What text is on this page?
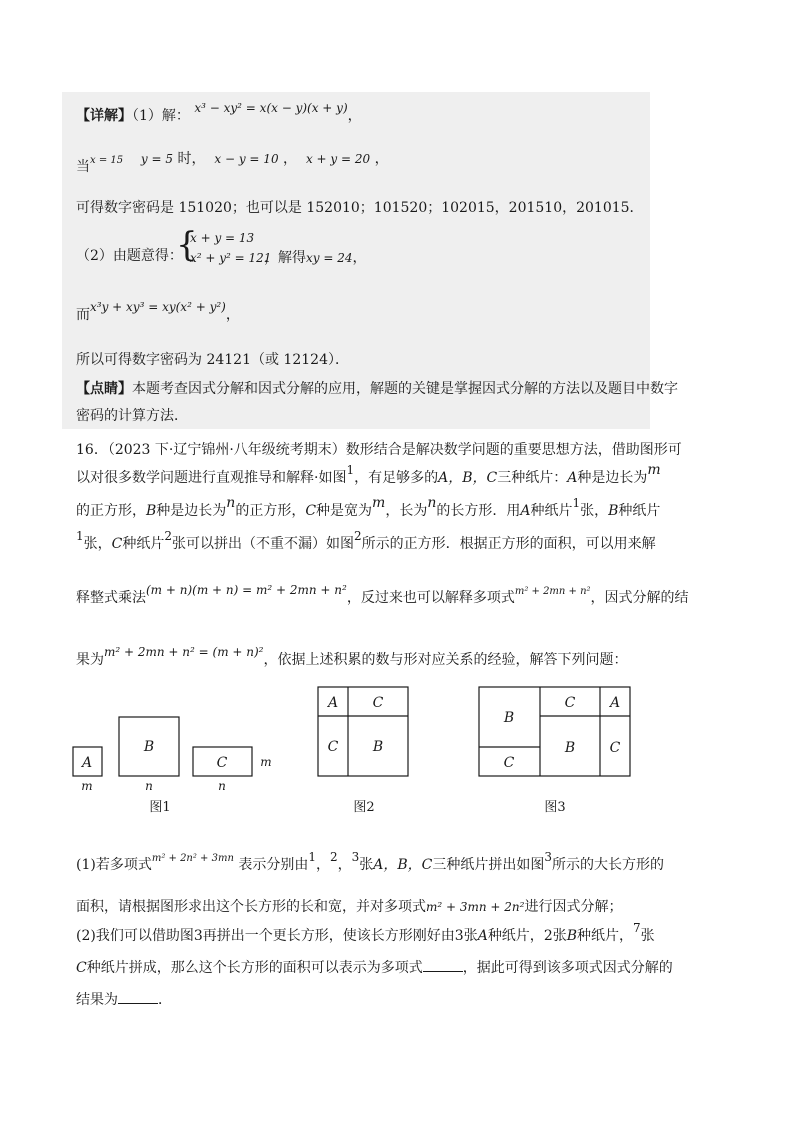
【详解】（1）解： x³ − xy² = x(x − y)(x + y)，
当$^{x = 15}$ y = 5 时， x − y = 10 ， x + y = 20 ，
可得数字密码是 151020；也可以是 152010；101520；102015，201510，201015．
（2）由题意得：
{
x + y = 13
x² + y² = 121
，解得xy = 24，
而x³y + xy³ = xy(x² + y²)，
所以可得数字密码为 24121（或 12124）．
【点睛】本题考查因式分解和因式分解的应用，解题的关键是掌握因式分解的方法以及题目中数字
密码的计算方法．
16．（2023 下·辽宁锦州·八年级统考期末）数形结合是解决数学问题的重要思想方法，借助图形可
以对很多数学问题进行直观推导和解释·如图1，有足够多的A，B，C三种纸片：A种是边长为m
的正方形，B种是边长为n的正方形，C种是宽为m，长为n的长方形．用A种纸片1张，B种纸片
1张，C种纸片2张可以拼出（不重不漏）如图2所示的正方形．根据正方形的面积，可以用来解
释整式乘法(m + n)(m + n) = m² + 2mn + n²，反过来也可以解释多项式$^{m^2 + 2mn + n^2}$，因式分解的结
果为m² + 2mn + n² = (m + n)²，依据上述积累的数与形对应关系的经验，解答下列问题：
A
B
C
m	n	n
m
A C
C B
B
C
C A
B C
图1	图2	图3
(1)若多项式$^{m^2 + 2n^2 + 3mn}$ 表示分别由1，2，3张A，B，C三种纸片拼出如图3所示的大长方形的
面积，请根据图形求出这个长方形的长和宽，并对多项式m² + 3mn + 2n²进行因式分解；
(2)我们可以借助图3再拼出一个更长方形，使该长方形刚好由3张A种纸片，2张B种纸片，7张
C种纸片拼成，那么这个长方形的面积可以表示为多项式	，据此可得到该多项式因式分解的
结果为	．
